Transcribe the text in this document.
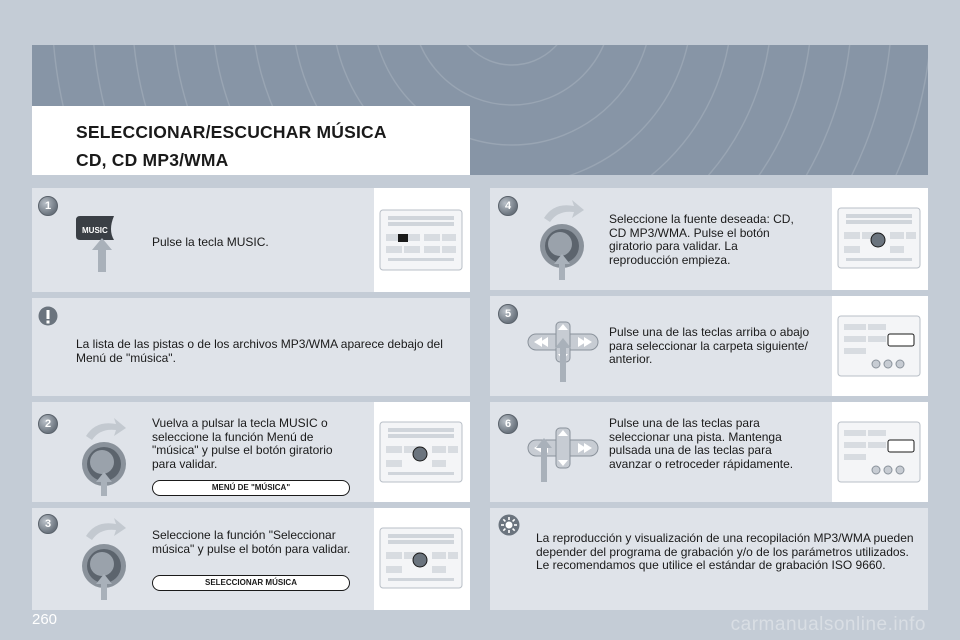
SELECCIONAR/ESCUCHAR MÚSICA
CD, CD MP3/WMA
1
MUSIC
Pulse la tecla MUSIC.
La lista de las pistas o de los archivos MP3/WMA aparece debajo del Menú de "música".
2	Vuelva a pulsar la tecla MUSIC o seleccione la función Menú de "música" y pulse el botón giratorio para validar.
MENÚ DE "MÚSICA"
3
Seleccione la función "Seleccionar música" y pulse el botón para validar.
SELECCIONAR MÚSICA
4
Seleccione la fuente deseada: CD, CD MP3/WMA. Pulse el botón giratorio para validar. La reproducción empieza.
5
Pulse una de las teclas arriba o abajo para seleccionar la carpeta siguiente/ anterior.
6	Pulse una de las teclas para seleccionar una pista. Mantenga pulsada una de las teclas para avanzar o retroceder rápidamente.
La reproducción y visualización de una recopilación MP3/WMA pueden depender del programa de grabación y/o de los parámetros utilizados. Le recomendamos que utilice el estándar de grabación ISO 9660.
260	carmanualsonline.info
